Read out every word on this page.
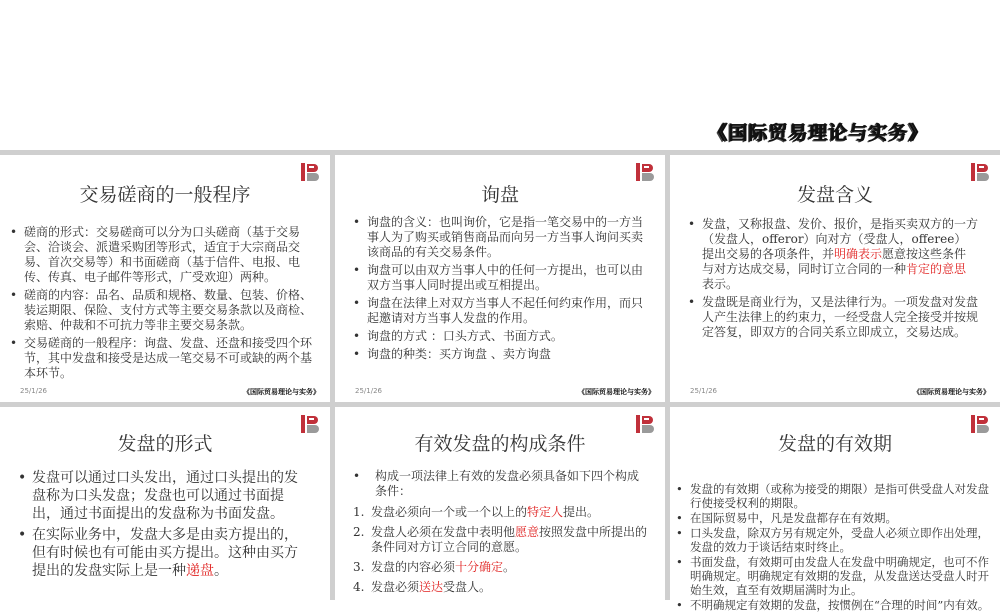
《国际贸易理论与实务》
交易磋商的一般程序
• 磋商的形式：交易磋商可以分为口头磋商（基于交易会、洽谈会、派遣采购团等形式，适宜于大宗商品交易、首次交易等）和书面磋商（基于信件、电报、电传、传真、电子邮件等形式，广受欢迎）两种。
• 磋商的内容：品名、品质和规格、数量、包装、价格、装运期限、保险、支付方式等主要交易条款以及商检、索赔、仲裁和不可抗力等非主要交易条款。
• 交易磋商的一般程序：询盘、发盘、还盘和接受四个环节，其中发盘和接受是达成一笔交易不可或缺的两个基本环节。
25/1/26	《国际贸易理论与实务》
询盘
• 询盘的含义：也叫询价，它是指一笔交易中的一方当事人为了购买或销售商品而向另一方当事人询问买卖该商品的有关交易条件。
• 询盘可以由双方当事人中的任何一方提出，也可以由双方当事人同时提出或互相提出。
• 询盘在法律上对双方当事人不起任何约束作用，而只起邀请对方当事人发盘的作用。
• 询盘的方式 ：口头方式、书面方式。
• 询盘的种类：买方询盘 、卖方询盘
25/1/26	《国际贸易理论与实务》
发盘含义
• 发盘，又称报盘、发价、报价，是指买卖双方的一方（发盘人，offeror）向对方（受盘人，offeree）提出交易的各项条件，并明确表示愿意按这些条件与对方达成交易，同时订立合同的一种肯定的意思表示。
• 发盘既是商业行为，又是法律行为。一项发盘对发盘人产生法律上的约束力，一经受盘人完全接受并按规定答复，即双方的合同关系立即成立，交易达成。
25/1/26	《国际贸易理论与实务》
发盘的形式
• 发盘可以通过口头发出，通过口头提出的发盘称为口头发盘；发盘也可以通过书面提出，通过书面提出的发盘称为书面发盘。
• 在实际业务中，发盘大多是由卖方提出的，但有时候也有可能由买方提出。这种由买方提出的发盘实际上是一种递盘。
有效发盘的构成条件
• 构成一项法律上有效的发盘必须具备如下四个构成条件：
1. 发盘必须向一个或一个以上的特定人提出。
2. 发盘人必须在发盘中表明他愿意按照发盘中所提出的条件同对方订立合同的意愿。
3. 发盘的内容必须十分确定。
4. 发盘必须送达受盘人。
发盘的有效期
• 发盘的有效期（或称为接受的期限）是指可供受盘人对发盘行使接受权利的期限。
• 在国际贸易中，凡是发盘都存在有效期。
• 口头发盘，除双方另有规定外，受盘人必须立即作出处理，发盘的效力于谈话结束时终止。
• 书面发盘，有效期可由发盘人在发盘中明确规定，也可不作明确规定。明确规定有效期的发盘，从发盘送达受盘人时开始生效，直至有效期届满时为止。
• 不明确规定有效期的发盘，按惯例在“合理的时间”内有效。
